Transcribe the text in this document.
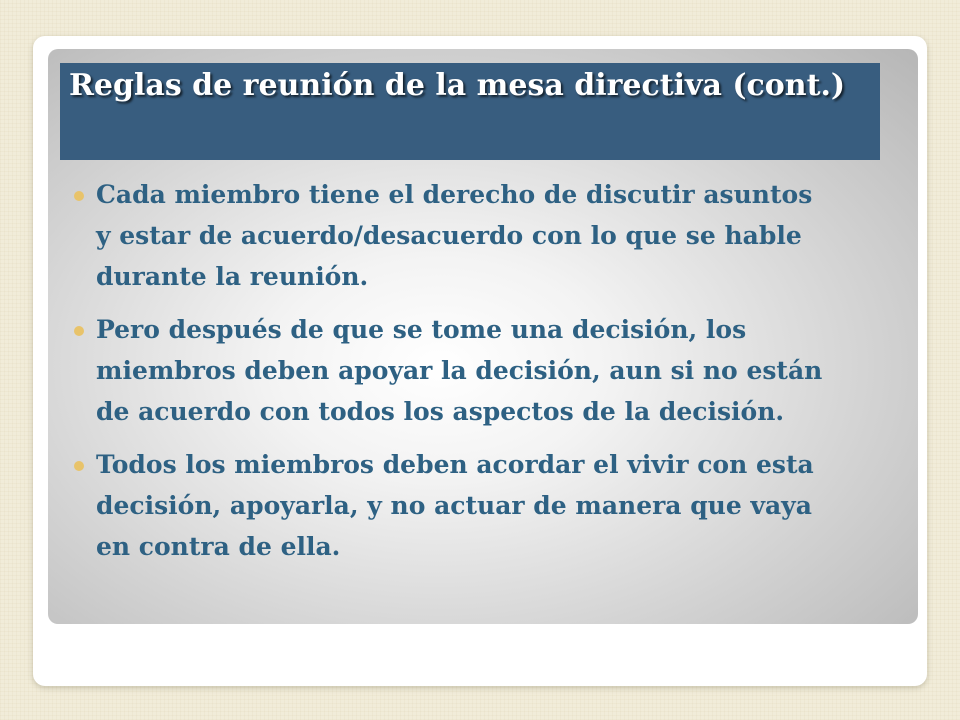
Reglas de reunión de la mesa directiva (cont.)
Cada miembro tiene el derecho de discutir asuntos y estar de acuerdo/desacuerdo con lo que se hable durante la reunión.
Pero después de que se tome una decisión, los miembros deben apoyar la decisión, aun si no están de acuerdo con todos los aspectos de la decisión.
Todos los miembros deben acordar el vivir con esta decisión, apoyarla, y no actuar de manera que vaya en contra de ella.
